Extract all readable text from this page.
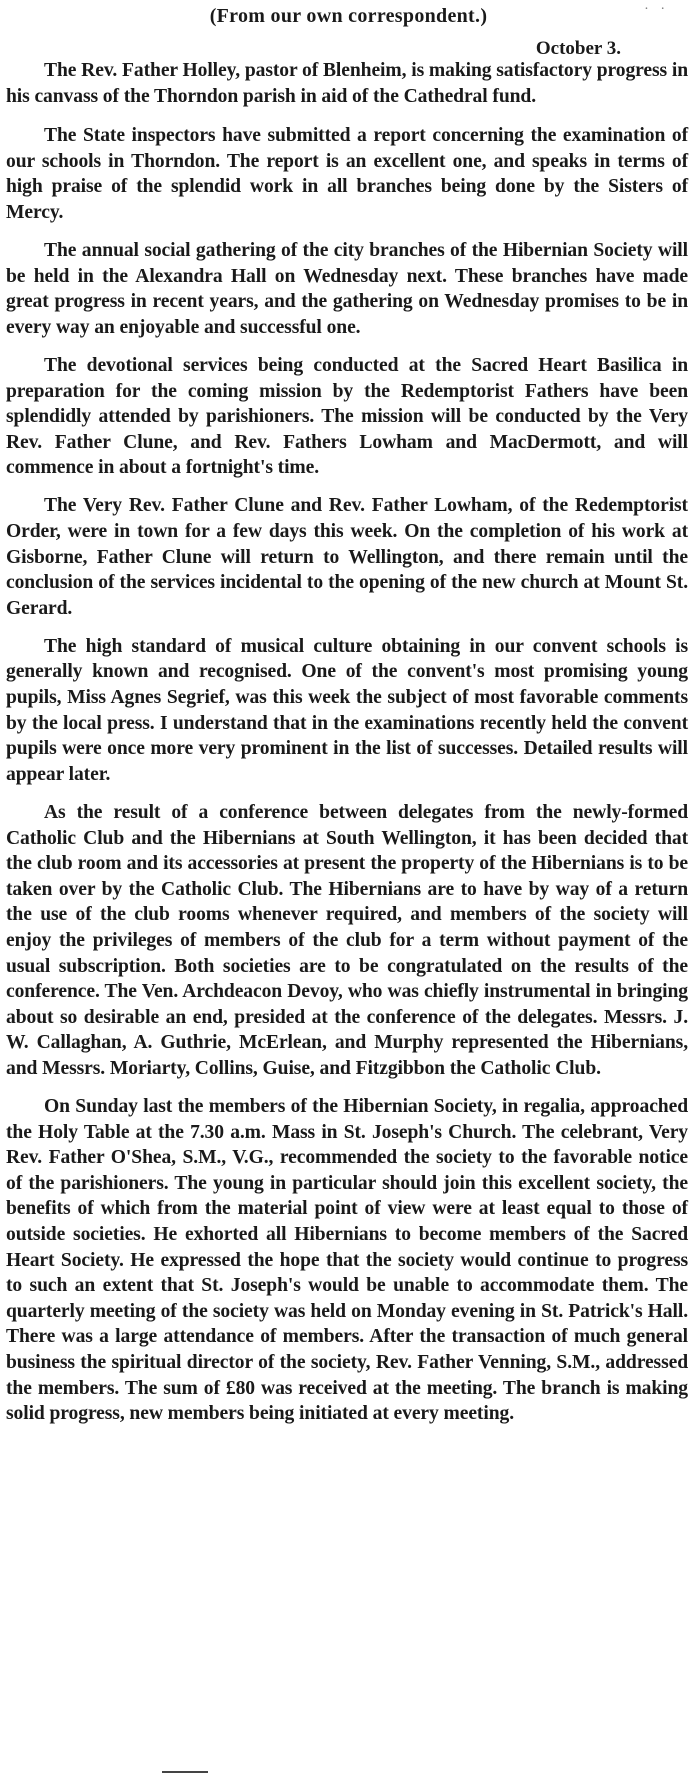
· ·
(From our own correspondent.)
October 3.

The Rev. Father Holley, pastor of Blenheim, is making satisfactory progress in his canvass of the Thorndon parish in aid of the Cathedral fund.

The State inspectors have submitted a report concerning the examination of our schools in Thorndon. The report is an excellent one, and speaks in terms of high praise of the splendid work in all branches being done by the Sisters of Mercy.

The annual social gathering of the city branches of the Hibernian Society will be held in the Alexandra Hall on Wednesday next. These branches have made great progress in recent years, and the gathering on Wednesday promises to be in every way an enjoyable and successful one.

The devotional services being conducted at the Sacred Heart Basilica in preparation for the coming mission by the Redemptorist Fathers have been splendidly attended by parishioners. The mission will be conducted by the Very Rev. Father Clune, and Rev. Fathers Lowham and MacDermott, and will commence in about a fortnight's time.

The Very Rev. Father Clune and Rev. Father Lowham, of the Redemptorist Order, were in town for a few days this week. On the completion of his work at Gisborne, Father Clune will return to Wellington, and there remain until the conclusion of the services incidental to the opening of the new church at Mount St. Gerard.

The high standard of musical culture obtaining in our convent schools is generally known and recognised. One of the convent's most promising young pupils, Miss Agnes Segrief, was this week the subject of most favorable comments by the local press. I understand that in the examinations recently held the convent pupils were once more very prominent in the list of successes. Detailed results will appear later.

As the result of a conference between delegates from the newly-formed Catholic Club and the Hibernians at South Wellington, it has been decided that the club room and its accessories at present the property of the Hibernians is to be taken over by the Catholic Club. The Hibernians are to have by way of a return the use of the club rooms whenever required, and members of the society will enjoy the privileges of members of the club for a term without payment of the usual subscription. Both societies are to be congratulated on the results of the conference. The Ven. Archdeacon Devoy, who was chiefly instrumental in bringing about so desirable an end, presided at the conference of the delegates. Messrs. J. W. Callaghan, A. Guthrie, McErlean, and Murphy represented the Hibernians, and Messrs. Moriarty, Collins, Guise, and Fitzgibbon the Catholic Club.

On Sunday last the members of the Hibernian Society, in regalia, approached the Holy Table at the 7.30 a.m. Mass in St. Joseph's Church. The celebrant, Very Rev. Father O'Shea, S.M., V.G., recommended the society to the favorable notice of the parishioners. The young in particular should join this excellent society, the benefits of which from the material point of view were at least equal to those of outside societies. He exhorted all Hibernians to become members of the Sacred Heart Society. He expressed the hope that the society would continue to progress to such an extent that St. Joseph's would be unable to accommodate them. The quarterly meeting of the society was held on Monday evening in St. Patrick's Hall. There was a large attendance of members. After the transaction of much general business the spiritual director of the society, Rev. Father Venning, S.M., addressed the members. The sum of £80 was received at the meeting. The branch is making solid progress, new members being initiated at every meeting.
